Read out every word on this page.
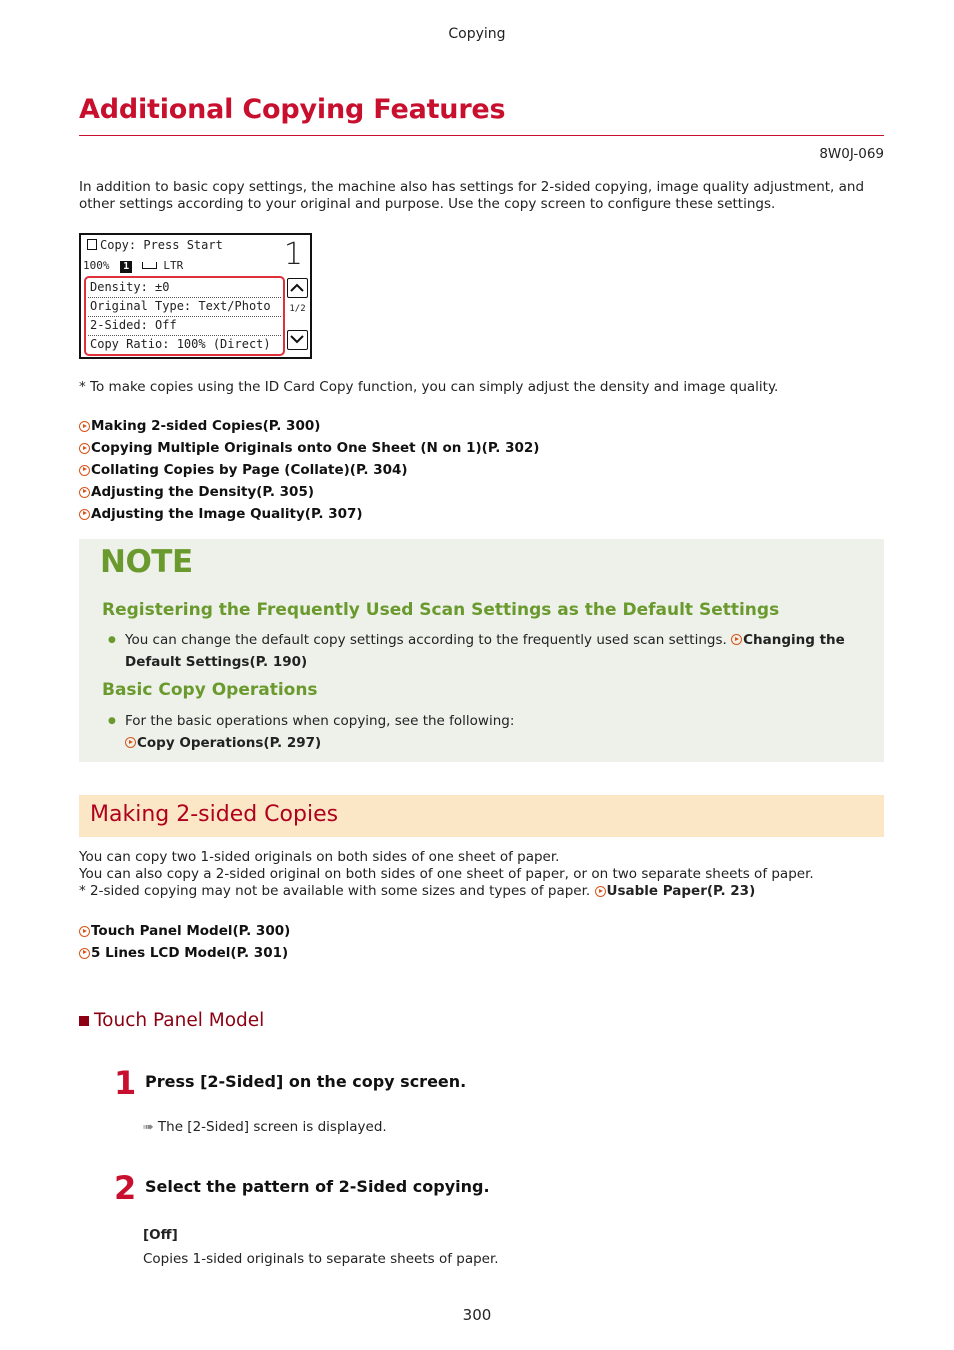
Copying
Additional Copying Features
8W0J-069
In addition to basic copy settings, the machine also has settings for 2-sided copying, image quality adjustment, and
other settings according to your original and purpose. Use the copy screen to configure these settings.
Copy: Press Start 1
100% 1	LTR
Density: ±0
Original Type: Text/Photo
2-Sided: Off
Copy Ratio: 100% (Direct)
1/2
* To make copies using the ID Card Copy function, you can simply adjust the density and image quality.
Making 2-sided Copies(P. 300)
Copying Multiple Originals onto One Sheet (N on 1)(P. 302)
Collating Copies by Page (Collate)(P. 304)
Adjusting the Density(P. 305)
Adjusting the Image Quality(P. 307)
NOTE
Registering the Frequently Used Scan Settings as the Default Settings
● You can change the default copy settings according to the frequently used scan settings. Changing the
Default Settings(P. 190)
Basic Copy Operations
● For the basic operations when copying, see the following:
Copy Operations(P. 297)
Making 2-sided Copies
You can copy two 1-sided originals on both sides of one sheet of paper.
You can also copy a 2-sided original on both sides of one sheet of paper, or on two separate sheets of paper.
* 2-sided copying may not be available with some sizes and types of paper.
Usable Paper(P. 23)
Touch Panel Model(P. 300)
5 Lines LCD Model(P. 301)
Touch Panel Model
1 Press [2-Sided] on the copy screen.
➠ The [2-Sided] screen is displayed.
2 Select the pattern of 2-Sided copying.
[Off]
Copies 1-sided originals to separate sheets of paper.
300
